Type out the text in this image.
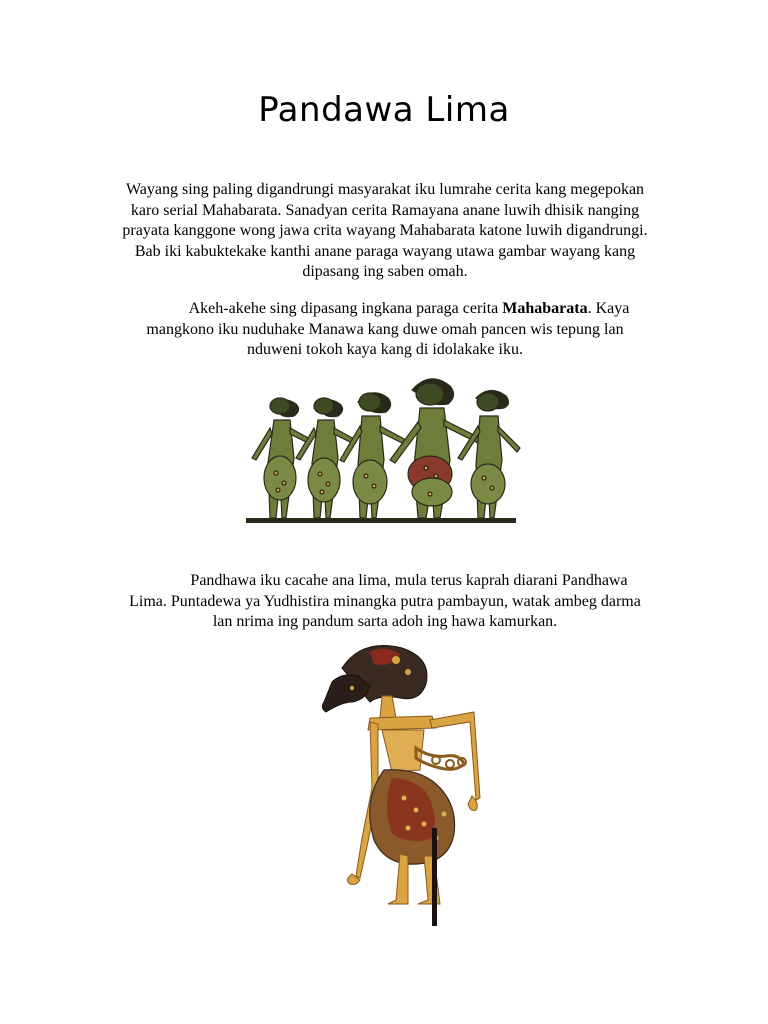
Pandawa Lima
Wayang sing paling digandrungi masyarakat iku lumrahe cerita kang megepokan
karo serial Mahabarata. Sanadyan cerita Ramayana anane luwih dhisik nanging
prayata kanggone wong jawa crita wayang Mahabarata katone luwih digandrungi.
Bab iki kabuktekake kanthi anane paraga wayang utawa gambar wayang kang
dipasang ing saben omah.
Akeh-akehe sing dipasang ingkana paraga cerita Mahabarata. Kaya
mangkono iku nuduhake Manawa kang duwe omah pancen wis tepung lan
nduweni tokoh kaya kang di idolakake iku.
Pandhawa iku cacahe ana lima, mula terus kaprah diarani Pandhawa
Lima. Puntadewa ya Yudhistira minangka putra pambayun, watak ambeg darma
lan nrima ing pandum sarta adoh ing hawa kamurkan.
